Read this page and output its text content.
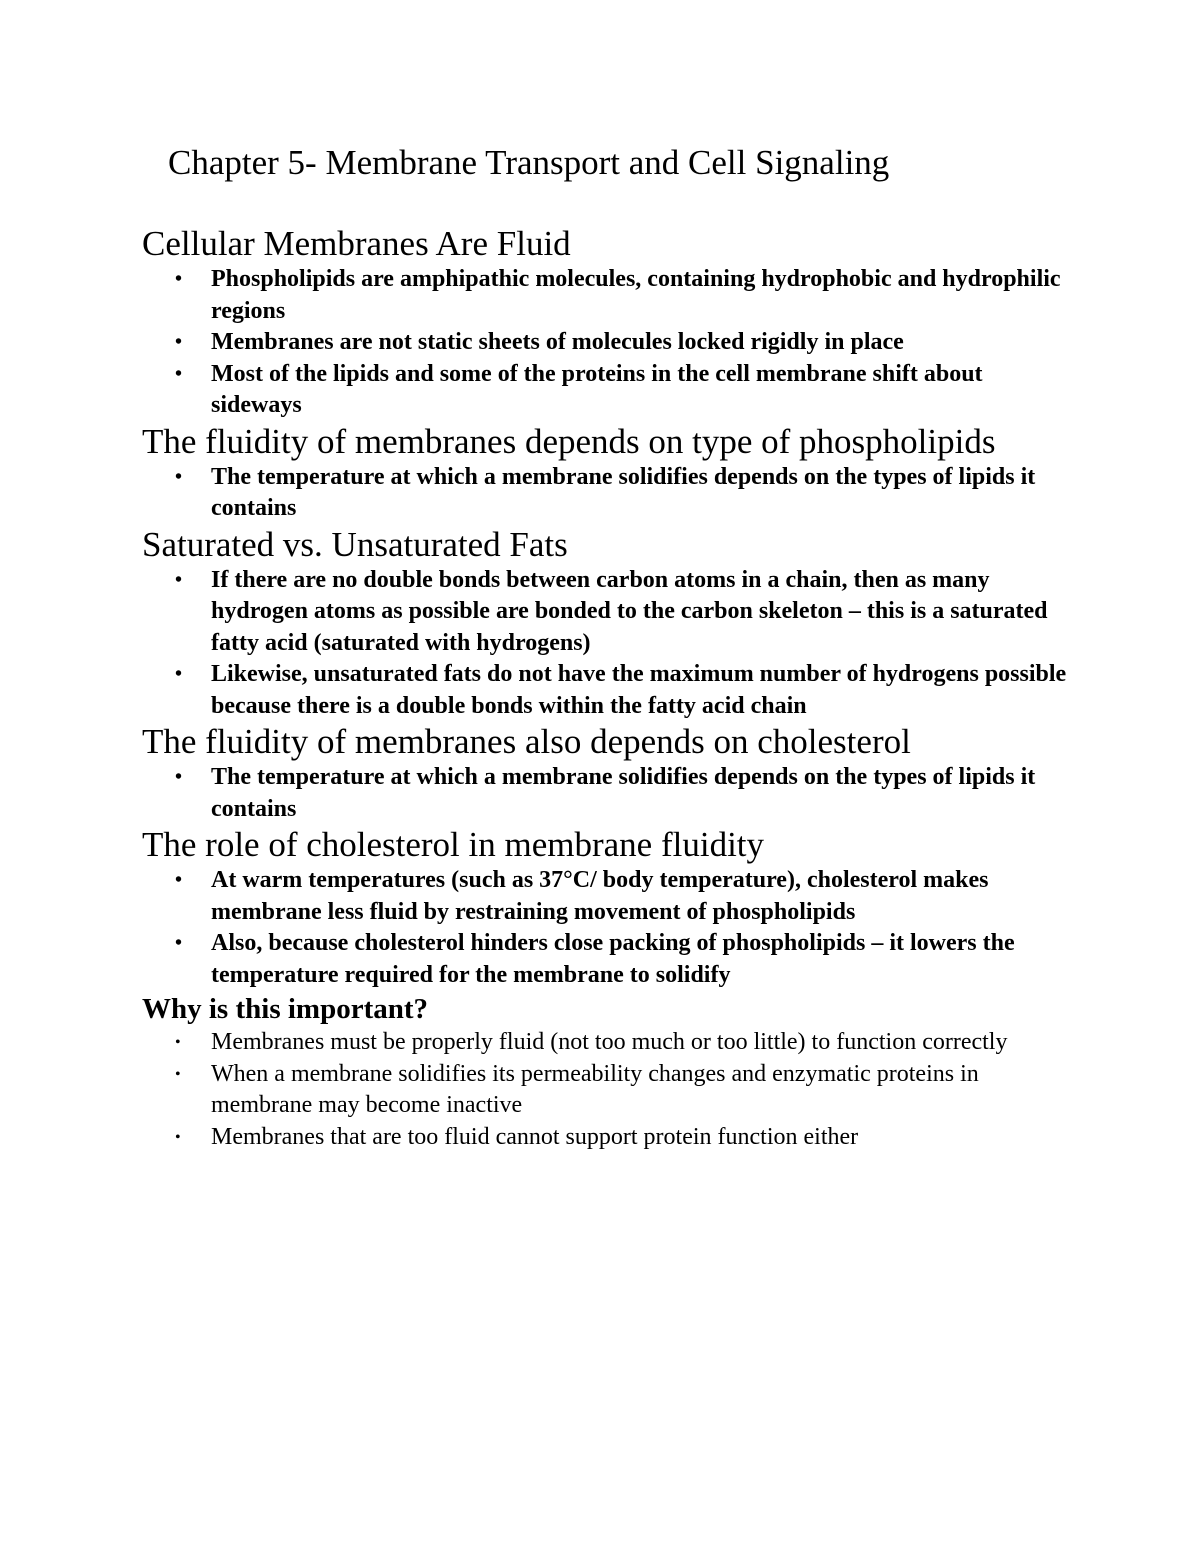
Chapter 5- Membrane Transport and Cell Signaling

Cellular Membranes Are Fluid

• Phospholipids are amphipathic molecules, containing hydrophobic and hydrophilic regions
• Membranes are not static sheets of molecules locked rigidly in place
• Most of the lipids and some of the proteins in the cell membrane shift about sideways

The fluidity of membranes depends on type of phospholipids

• The temperature at which a membrane solidifies depends on the types of lipids it contains

Saturated vs. Unsaturated Fats

• If there are no double bonds between carbon atoms in a chain, then as many hydrogen atoms as possible are bonded to the carbon skeleton – this is a saturated fatty acid (saturated with hydrogens)
• Likewise, unsaturated fats do not have the maximum number of hydrogens possible because there is a double bonds within the fatty acid chain

The fluidity of membranes also depends on cholesterol

• The temperature at which a membrane solidifies depends on the types of lipids it contains

The role of cholesterol in membrane fluidity

• At warm temperatures (such as 37°C/ body temperature), cholesterol makes membrane less fluid by restraining movement of phospholipids
• Also, because cholesterol hinders close packing of phospholipids – it lowers the temperature required for the membrane to solidify

Why is this important?

• Membranes must be properly fluid (not too much or too little) to function correctly
• When a membrane solidifies its permeability changes and enzymatic proteins in membrane may become inactive
• Membranes that are too fluid cannot support protein function either
